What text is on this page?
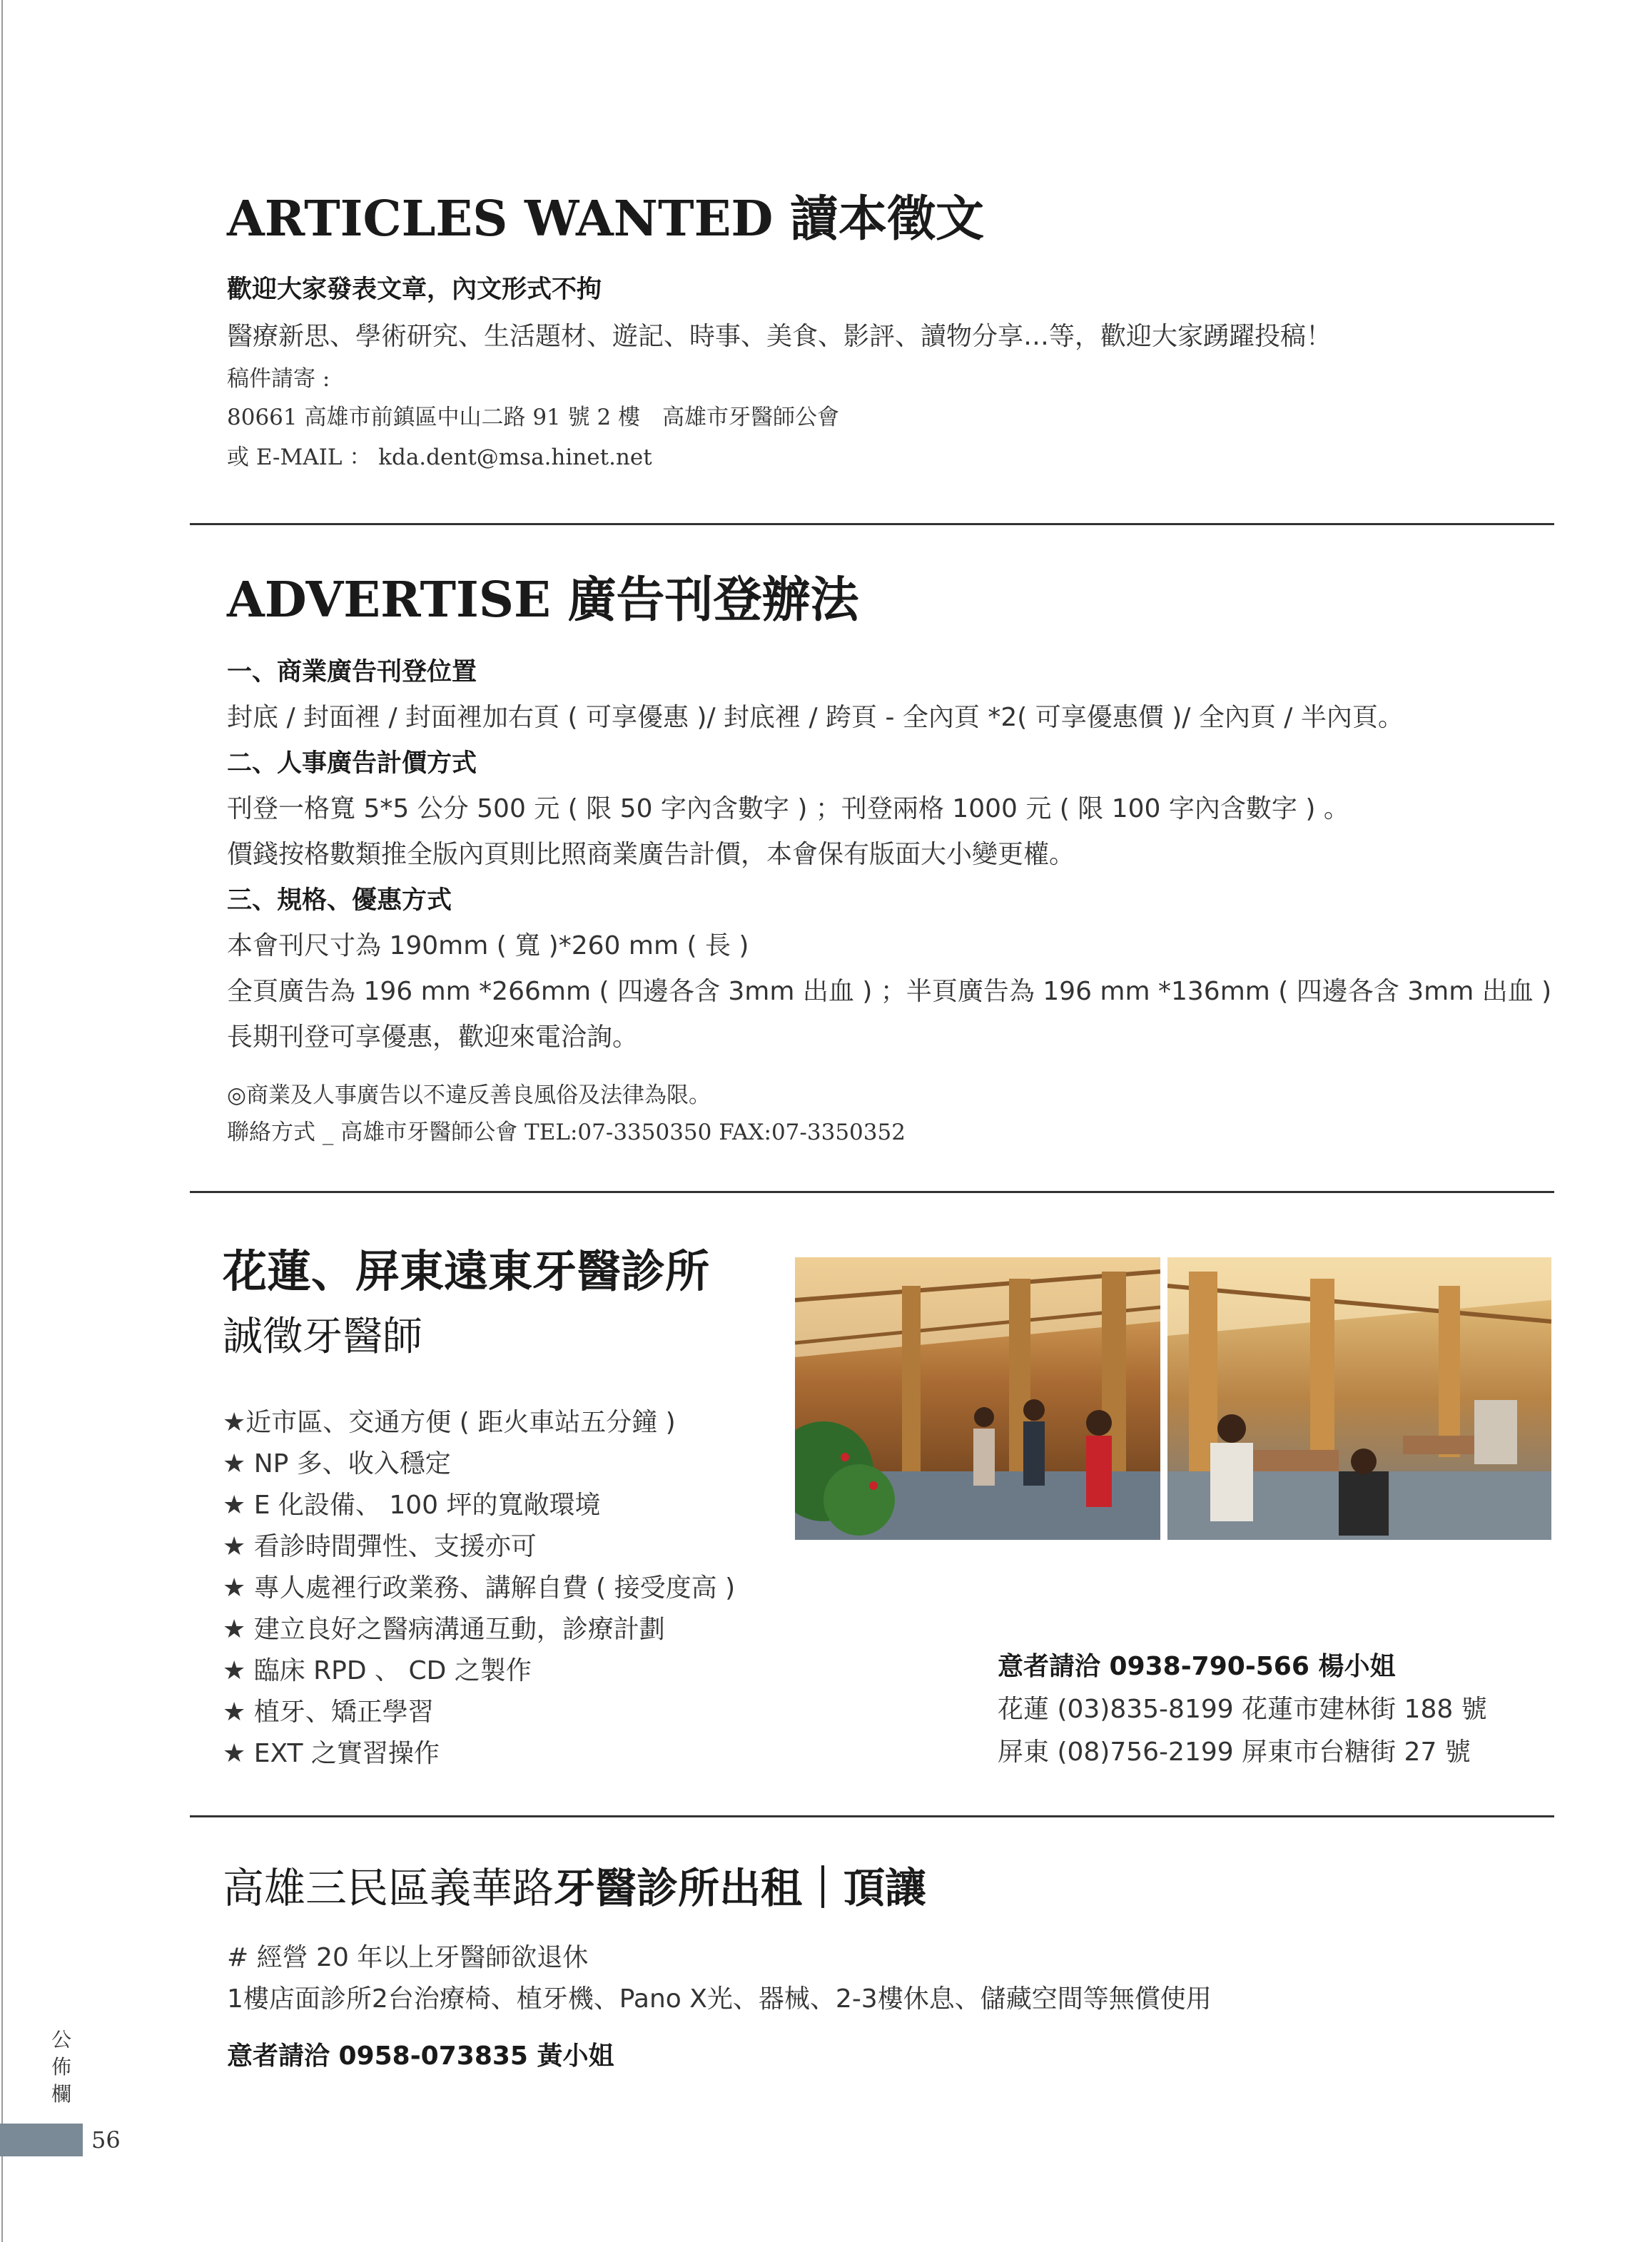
ARTICLES WANTED 讀本徵文
歡迎大家發表文章，內文形式不拘
醫療新思、學術研究、生活題材、遊記、時事、美食、影評、讀物分享…等，歡迎大家踴躍投稿！
稿件請寄 :
80661 高雄市前鎮區中山二路 91 號 2 樓　高雄市牙醫師公會
或 E-MAIL ： kda.dent@msa.hinet.net
ADVERTISE 廣告刊登辦法
一、商業廣告刊登位置
封底 / 封面裡 / 封面裡加右頁 ( 可享優惠 )/ 封底裡 / 跨頁 - 全內頁 *2( 可享優惠價 )/ 全內頁 / 半內頁。
二、人事廣告計價方式
刊登一格寬 5*5 公分 500 元 ( 限 50 字內含數字 ) ；刊登兩格 1000 元 ( 限 100 字內含數字 ) 。
價錢按格數類推全版內頁則比照商業廣告計價，本會保有版面大小變更權。
三、規格、優惠方式
本會刊尺寸為 190mm ( 寬 )*260 mm ( 長 )
全頁廣告為 196 mm *266mm ( 四邊各含 3mm 出血 ) ；半頁廣告為 196 mm *136mm ( 四邊各含 3mm 出血 )
長期刊登可享優惠，歡迎來電洽詢。
◎商業及人事廣告以不違反善良風俗及法律為限。
聯絡方式 _ 高雄市牙醫師公會 TEL:07-3350350 FAX:07-3350352
花蓮、屏東遠東牙醫診所
誠徵牙醫師
★近市區、交通方便 ( 距火車站五分鐘 )
★ NP 多、收入穩定
★ E 化設備、 100 坪的寬敞環境
★ 看診時間彈性、支援亦可
★ 專人處裡行政業務、講解自費 ( 接受度高 )
★ 建立良好之醫病溝通互動，診療計劃
★ 臨床 RPD 、 CD 之製作
★ 植牙、矯正學習
★ EXT 之實習操作
意者請洽 0938-790-566 楊小姐
花蓮 (03)835-8199 花蓮市建林街 188 號
屏東 (08)756-2199 屏東市台糖街 27 號
高雄三民區義華路牙醫診所出租｜頂讓
# 經營 20 年以上牙醫師欲退休
1樓店面診所2台治療椅、植牙機、Pano X光、器械、2-3樓休息、儲藏空間等無償使用
意者請洽 0958-073835 黃小姐
公佈欄
56
